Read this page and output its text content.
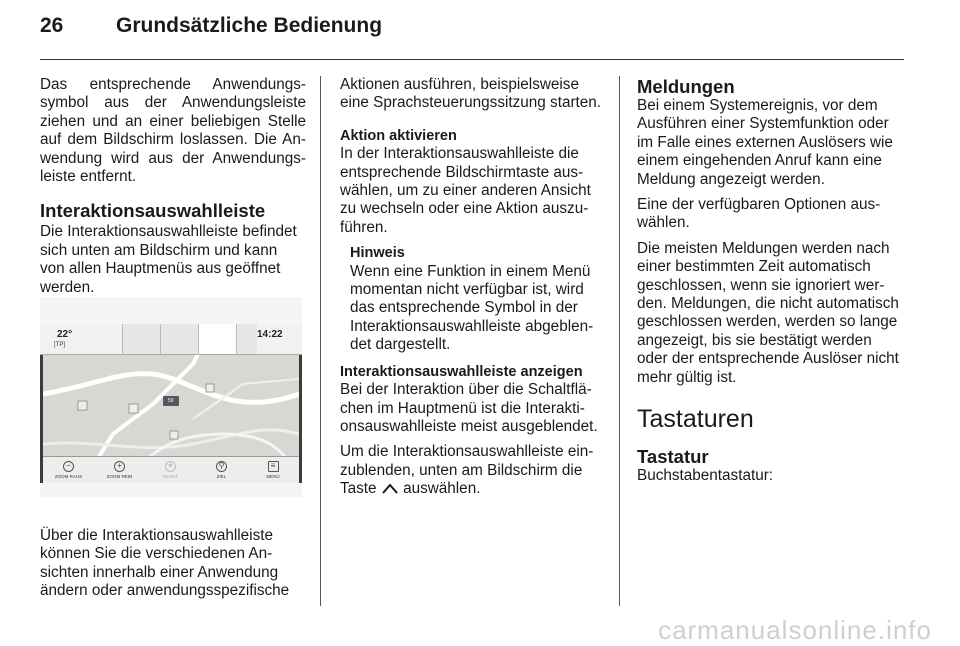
26	Grundsätzliche Bedienung

Das entsprechende Anwendungssymbol aus der Anwendungsleiste ziehen und an einer beliebigen Stelle auf dem Bildschirm loslassen. Die Anwendung wird aus der Anwendungsleiste entfernt.

Interaktionsauswahlleiste

Die Interaktionsauswahlleiste befindet sich unten am Bildschirm und kann von allen Hauptmenüs aus geöffnet werden.

22°
[TP]
14:22
59
−
ZOOM RAUS
+
ZOOM REIN
✦
RESET
⚲
ZIEL
≡
MENÜ

Über die Interaktionsauswahlleiste können Sie die verschiedenen Ansichten innerhalb einer Anwendung ändern oder anwendungsspezifische

Aktionen ausführen, beispielsweise eine Sprachsteuerungssitzung starten.

Aktion aktivieren

In der Interaktionsauswahlleiste die entsprechende Bildschirmtaste auswählen, um zu einer anderen Ansicht zu wechseln oder eine Aktion auszuführen.

Hinweis
Wenn eine Funktion in einem Menü momentan nicht verfügbar ist, wird das entsprechende Symbol in der Interaktionsauswahlleiste abgeblendet dargestellt.
Interaktionsauswahlleiste anzeigen

Bei der Interaktion über die Schaltflächen im Hauptmenü ist die Interaktionsauswahlleiste meist ausgeblendet.

Um die Interaktionsauswahlleiste einzublenden, unten am Bildschirm die Taste auswählen.

Meldungen

Bei einem Systemereignis, vor dem Ausführen einer Systemfunktion oder im Falle eines externen Auslösers wie einem eingehenden Anruf kann eine Meldung angezeigt werden.

Eine der verfügbaren Optionen auswählen.

Die meisten Meldungen werden nach einer bestimmten Zeit automatisch geschlossen, wenn sie ignoriert werden. Meldungen, die nicht automatisch geschlossen werden, werden so lange angezeigt, bis sie bestätigt werden oder der entsprechende Auslöser nicht mehr gültig ist.

Tastaturen
Tastatur

Buchstabentastatur:

carmanualsonline.info
